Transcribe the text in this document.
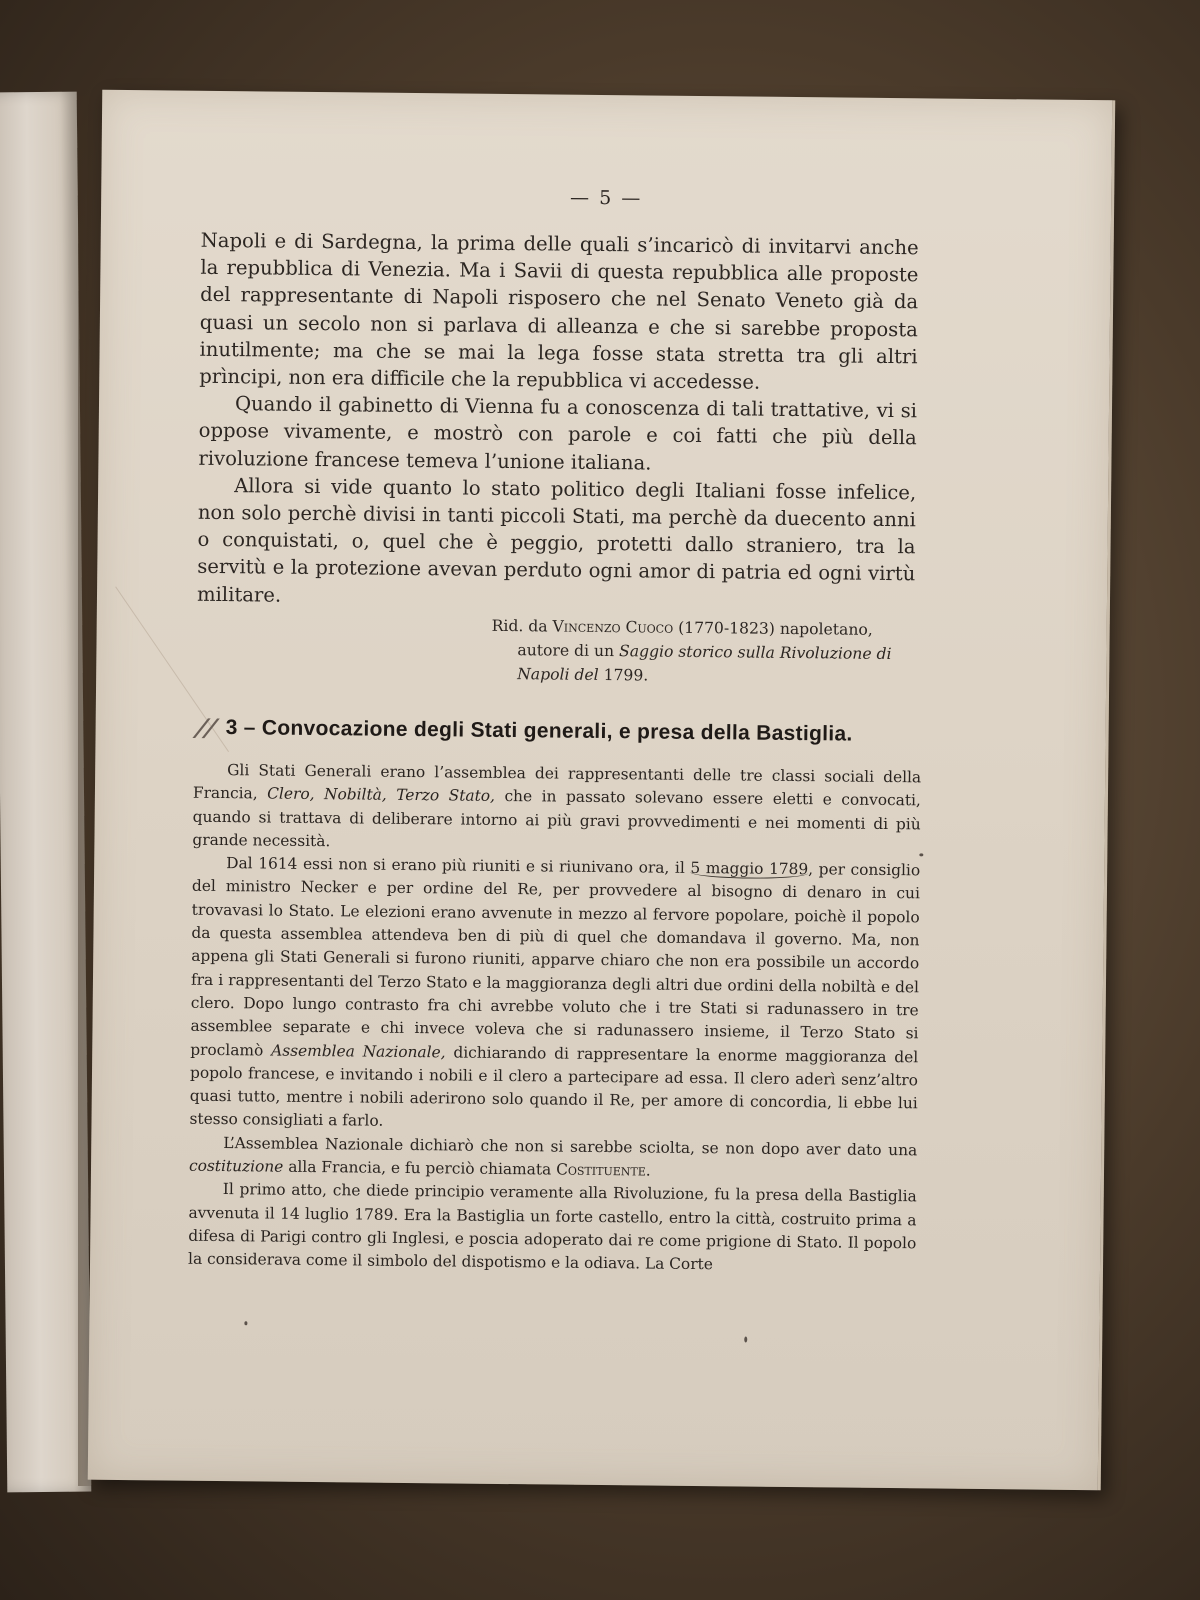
— 5 —

Napoli e di Sardegna, la prima delle quali s’incaricò di invitarvi anche la repubblica di Venezia. Ma i Savii di questa repubblica alle proposte del rappresentante di Napoli risposero che nel Senato Veneto già da quasi un secolo non si parlava di alleanza e che si sarebbe proposta inutilmente; ma che se mai la lega fosse stata stretta tra gli altri prìncipi, non era difficile che la repubblica vi accedesse.

Quando il gabinetto di Vienna fu a conoscenza di tali trattative, vi si oppose vivamente, e mostrò con parole e coi fatti che più della rivoluzione francese temeva l’unione italiana.

Allora si vide quanto lo stato politico degli Italiani fosse infelice, non solo perchè divisi in tanti piccoli Stati, ma perchè da duecento anni o conquistati, o, quel che è peggio, protetti dallo straniero, tra la servitù e la protezione avevan perduto ogni amor di patria ed ogni virtù militare.

Rid. da Vincenzo Cuoco (1770-1823) napoletano,
autore di un Saggio storico sulla Rivoluzione di
Napoli del 1799.
// 3 – Convocazione degli Stati generali, e presa della Bastiglia.

Gli Stati Generali erano l’assemblea dei rappresentanti delle tre classi sociali della Francia, Clero, Nobiltà, Terzo Stato, che in passato solevano essere eletti e convocati, quando si trattava di deliberare intorno ai più gravi provvedimenti e nei momenti di più grande necessità.

Dal 1614 essi non si erano più riuniti e si riunivano ora, il 5 maggio 1789, per consiglio del ministro Necker e per ordine del Re, per provvedere al bisogno di denaro in cui trovavasi lo Stato. Le elezioni erano avvenute in mezzo al fervore popolare, poichè il popolo da questa assemblea attendeva ben di più di quel che domandava il governo. Ma, non appena gli Stati Generali si furono riuniti, apparve chiaro che non era possibile un accordo fra i rappresentanti del Terzo Stato e la maggioranza degli altri due ordini della nobiltà e del clero. Dopo lungo contrasto fra chi avrebbe voluto che i tre Stati si radunassero in tre assemblee separate e chi invece voleva che si radunassero insieme, il Terzo Stato si proclamò Assemblea Nazionale, dichiarando di rappresentare la enorme maggioranza del popolo francese, e invitando i nobili e il clero a partecipare ad essa. Il clero aderì senz’altro quasi tutto, mentre i nobili aderirono solo quando il Re, per amore di concordia, li ebbe lui stesso consigliati a farlo.

L’Assemblea Nazionale dichiarò che non si sarebbe sciolta, se non dopo aver dato una costituzione alla Francia, e fu perciò chiamata Costituente.

Il primo atto, che diede principio veramente alla Rivoluzione, fu la presa della Bastiglia avvenuta il 14 luglio 1789. Era la Bastiglia un forte castello, entro la città, costruito prima a difesa di Parigi contro gli Inglesi, e poscia adoperato dai re come prigione di Stato. Il popolo la considerava come il simbolo del dispotismo e la odiava. La Corte
